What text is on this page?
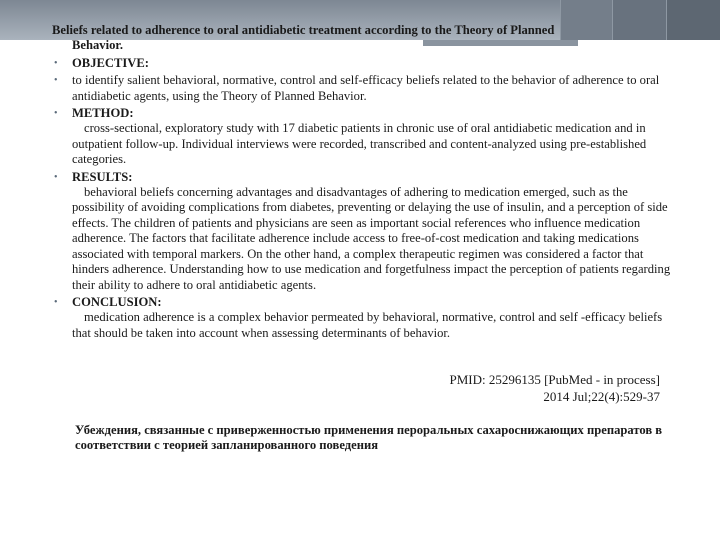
Beliefs related to adherence to oral antidiabetic treatment according to the Theory of Planned
Behavior.
• OBJECTIVE:
• to identify salient behavioral, normative, control and self-efficacy beliefs related to the behavior of adherence to oral antidiabetic agents, using the Theory of Planned Behavior.
• METHOD:
cross-sectional, exploratory study with 17 diabetic patients in chronic use of oral antidiabetic medication and in outpatient follow-up. Individual interviews were recorded, transcribed and content-analyzed using pre-established categories.
• RESULTS:
behavioral beliefs concerning advantages and disadvantages of adhering to medication emerged, such as the possibility of avoiding complications from diabetes, preventing or delaying the use of insulin, and a perception of side effects. The children of patients and physicians are seen as important social references who influence medication adherence. The factors that facilitate adherence include access to free-of-cost medication and taking medications associated with temporal markers. On the other hand, a complex therapeutic regimen was considered a factor that hinders adherence. Understanding how to use medication and forgetfulness impact the perception of patients regarding their ability to adhere to oral antidiabetic agents.
• CONCLUSION:
medication adherence is a complex behavior permeated by behavioral, normative, control and self -efficacy beliefs that should be taken into account when assessing determinants of behavior.
PMID: 25296135 [PubMed - in process]
2014 Jul;22(4):529-37
Убеждения, связанные с приверженностью применения пероральных сахароснижающих препаратов в соответствии с теорией запланированного поведения
